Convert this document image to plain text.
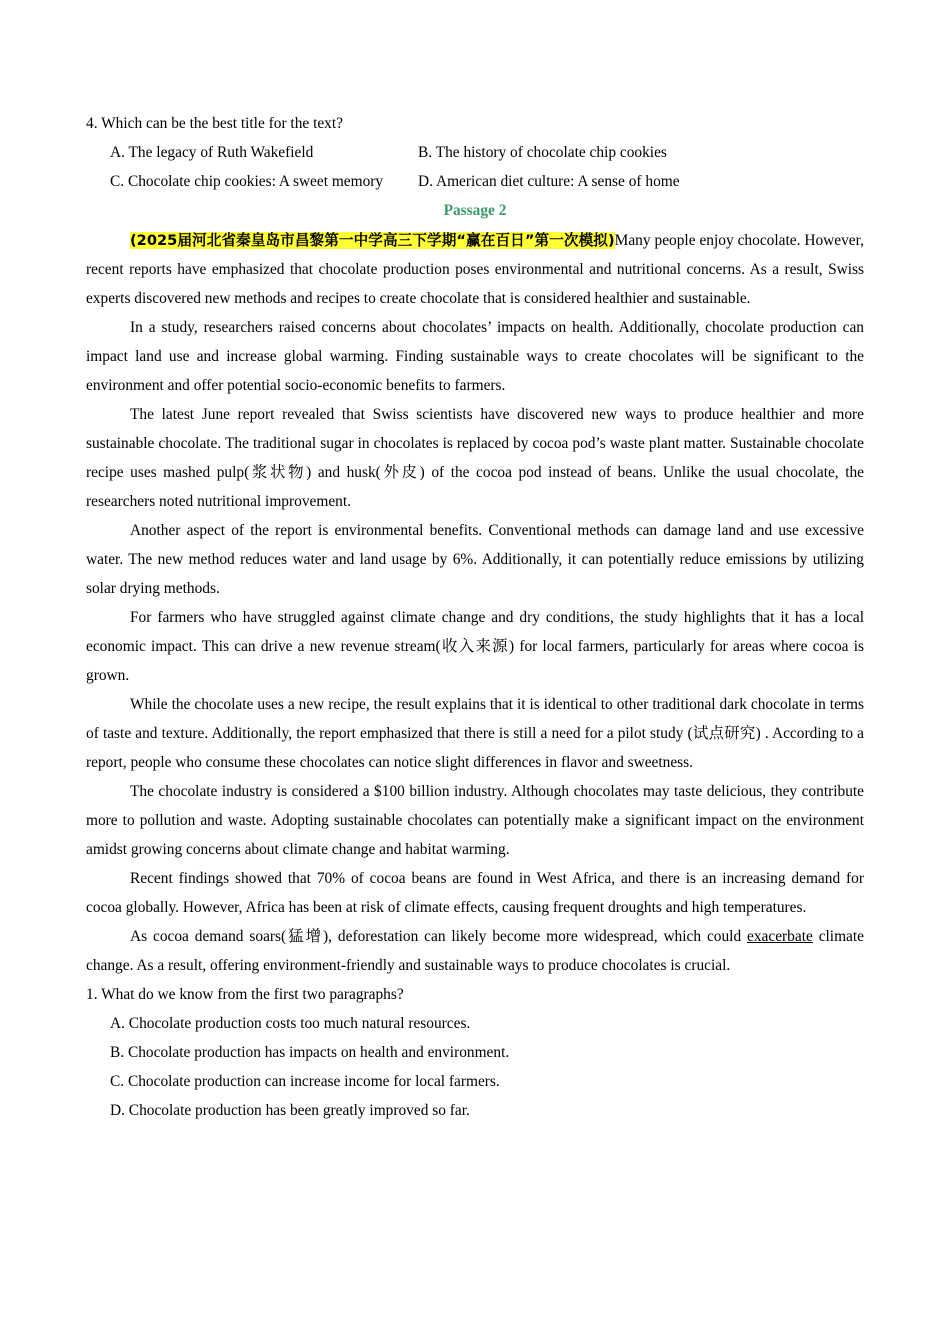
4. Which can be the best title for the text?
A. The legacy of Ruth Wakefield	B. The history of chocolate chip cookies
C. Chocolate chip cookies: A sweet memory	D. American diet culture: A sense of home
Passage 2

(2025届河北省秦皇岛市昌黎第一中学高三下学期“赢在百日”第一次模拟)Many people enjoy chocolate. However, recent reports have emphasized that chocolate production poses environmental and nutritional concerns. As a result, Swiss experts discovered new methods and recipes to create chocolate that is considered healthier and sustainable.

In a study, researchers raised concerns about chocolates’ impacts on health. Additionally, chocolate production can impact land use and increase global warming. Finding sustainable ways to create chocolates will be significant to the environment and offer potential socio-economic benefits to farmers.

The latest June report revealed that Swiss scientists have discovered new ways to produce healthier and more sustainable chocolate. The traditional sugar in chocolates is replaced by cocoa pod’s waste plant matter. Sustainable chocolate recipe uses mashed pulp(浆状物) and husk(外皮) of the cocoa pod instead of beans. Unlike the usual chocolate, the researchers noted nutritional improvement.

Another aspect of the report is environmental benefits. Conventional methods can damage land and use excessive water. The new method reduces water and land usage by 6%. Additionally, it can potentially reduce emissions by utilizing solar drying methods.

For farmers who have struggled against climate change and dry conditions, the study highlights that it has a local economic impact. This can drive a new revenue stream(收入来源) for local farmers, particularly for areas where cocoa is grown.

While the chocolate uses a new recipe, the result explains that it is identical to other traditional dark chocolate in terms of taste and texture. Additionally, the report emphasized that there is still a need for a pilot study (试点研究) . According to a report, people who consume these chocolates can notice slight differences in flavor and sweetness.

The chocolate industry is considered a $100 billion industry. Although chocolates may taste delicious, they contribute more to pollution and waste. Adopting sustainable chocolates can potentially make a significant impact on the environment amidst growing concerns about climate change and habitat warming.

Recent findings showed that 70% of cocoa beans are found in West Africa, and there is an increasing demand for cocoa globally. However, Africa has been at risk of climate effects, causing frequent droughts and high temperatures.

As cocoa demand soars(猛增), deforestation can likely become more widespread, which could exacerbate climate change. As a result, offering environment-friendly and sustainable ways to produce chocolates is crucial.

1. What do we know from the first two paragraphs?
A. Chocolate production costs too much natural resources.
B. Chocolate production has impacts on health and environment.
C. Chocolate production can increase income for local farmers.
D. Chocolate production has been greatly improved so far.
